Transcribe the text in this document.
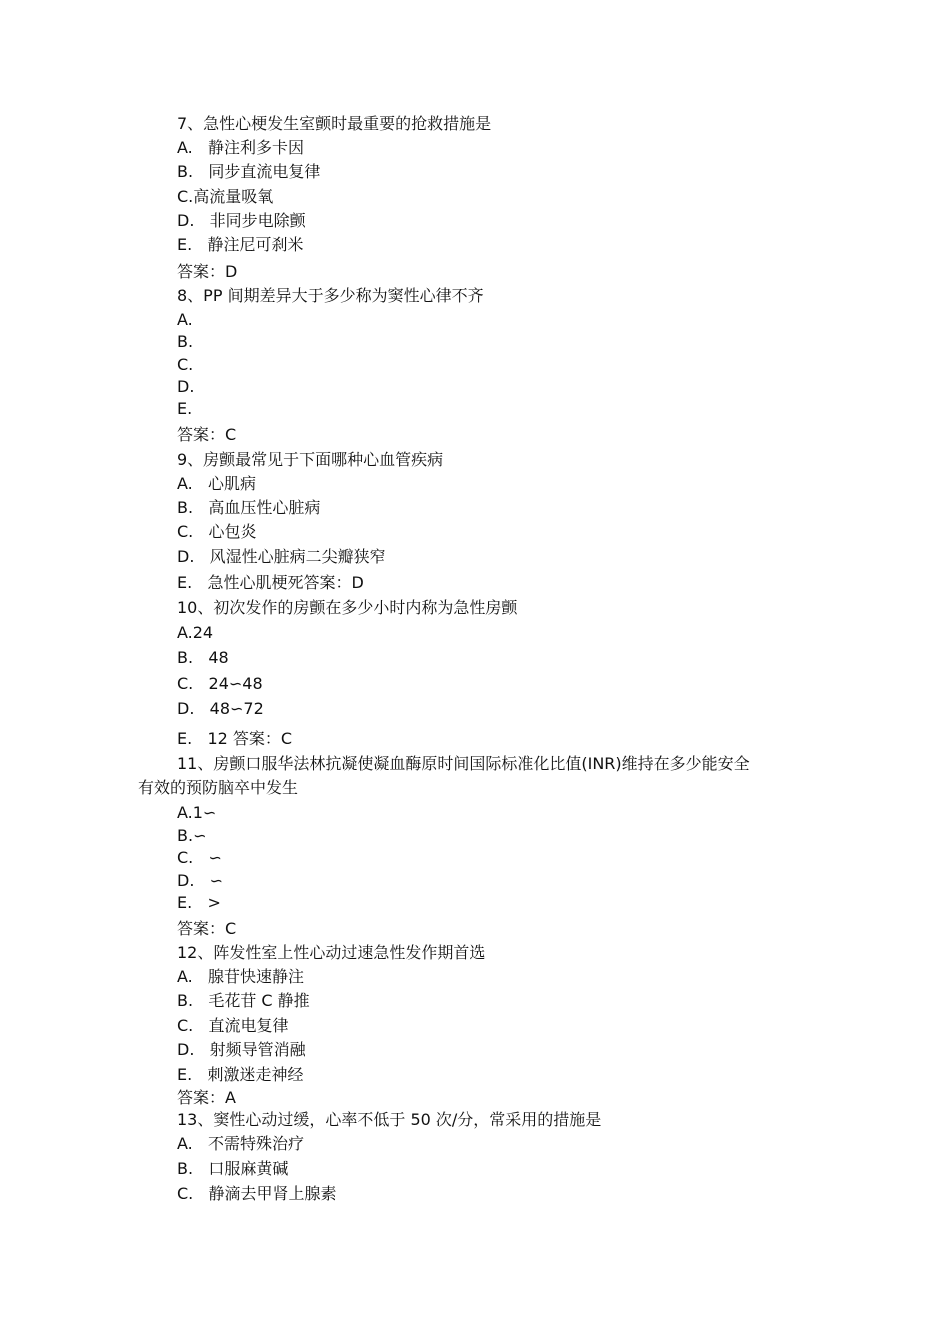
7、急性心梗发生室颤时最重要的抢救措施是
A.   静注利多卡因
B.   同步直流电复律
C.高流量吸氧
D.   非同步电除颤
E.   静注尼可刹米
答案：D
8、PP 间期差异大于多少称为窦性心律不齐
A.
B.
C.
D.
E.
答案：C
9、房颤最常见于下面哪种心血管疾病
A.   心肌病
B.   高血压性心脏病
C.   心包炎
D.   风湿性心脏病二尖瓣狭窄
E.   急性心肌梗死答案：D
10、初次发作的房颤在多少小时内称为急性房颤
A.24
B.   48
C.   24∽48
D.   48∽72
E.   12 答案：C
11、房颤口服华法林抗凝使凝血酶原时间国际标准化比值(INR)维持在多少能安全
有效的预防脑卒中发生
A.1∽
B.∽
C.   ∽
D.   ∽
E.   >
答案：C
12、阵发性室上性心动过速急性发作期首选
A.   腺苷快速静注
B.   毛花苷 C 静推
C.   直流电复律
D.   射频导管消融
E.   刺激迷走神经
答案：A
13、窦性心动过缓，心率不低于 50 次/分，常采用的措施是
A.   不需特殊治疗
B.   口服麻黄碱
C.   静滴去甲肾上腺素
